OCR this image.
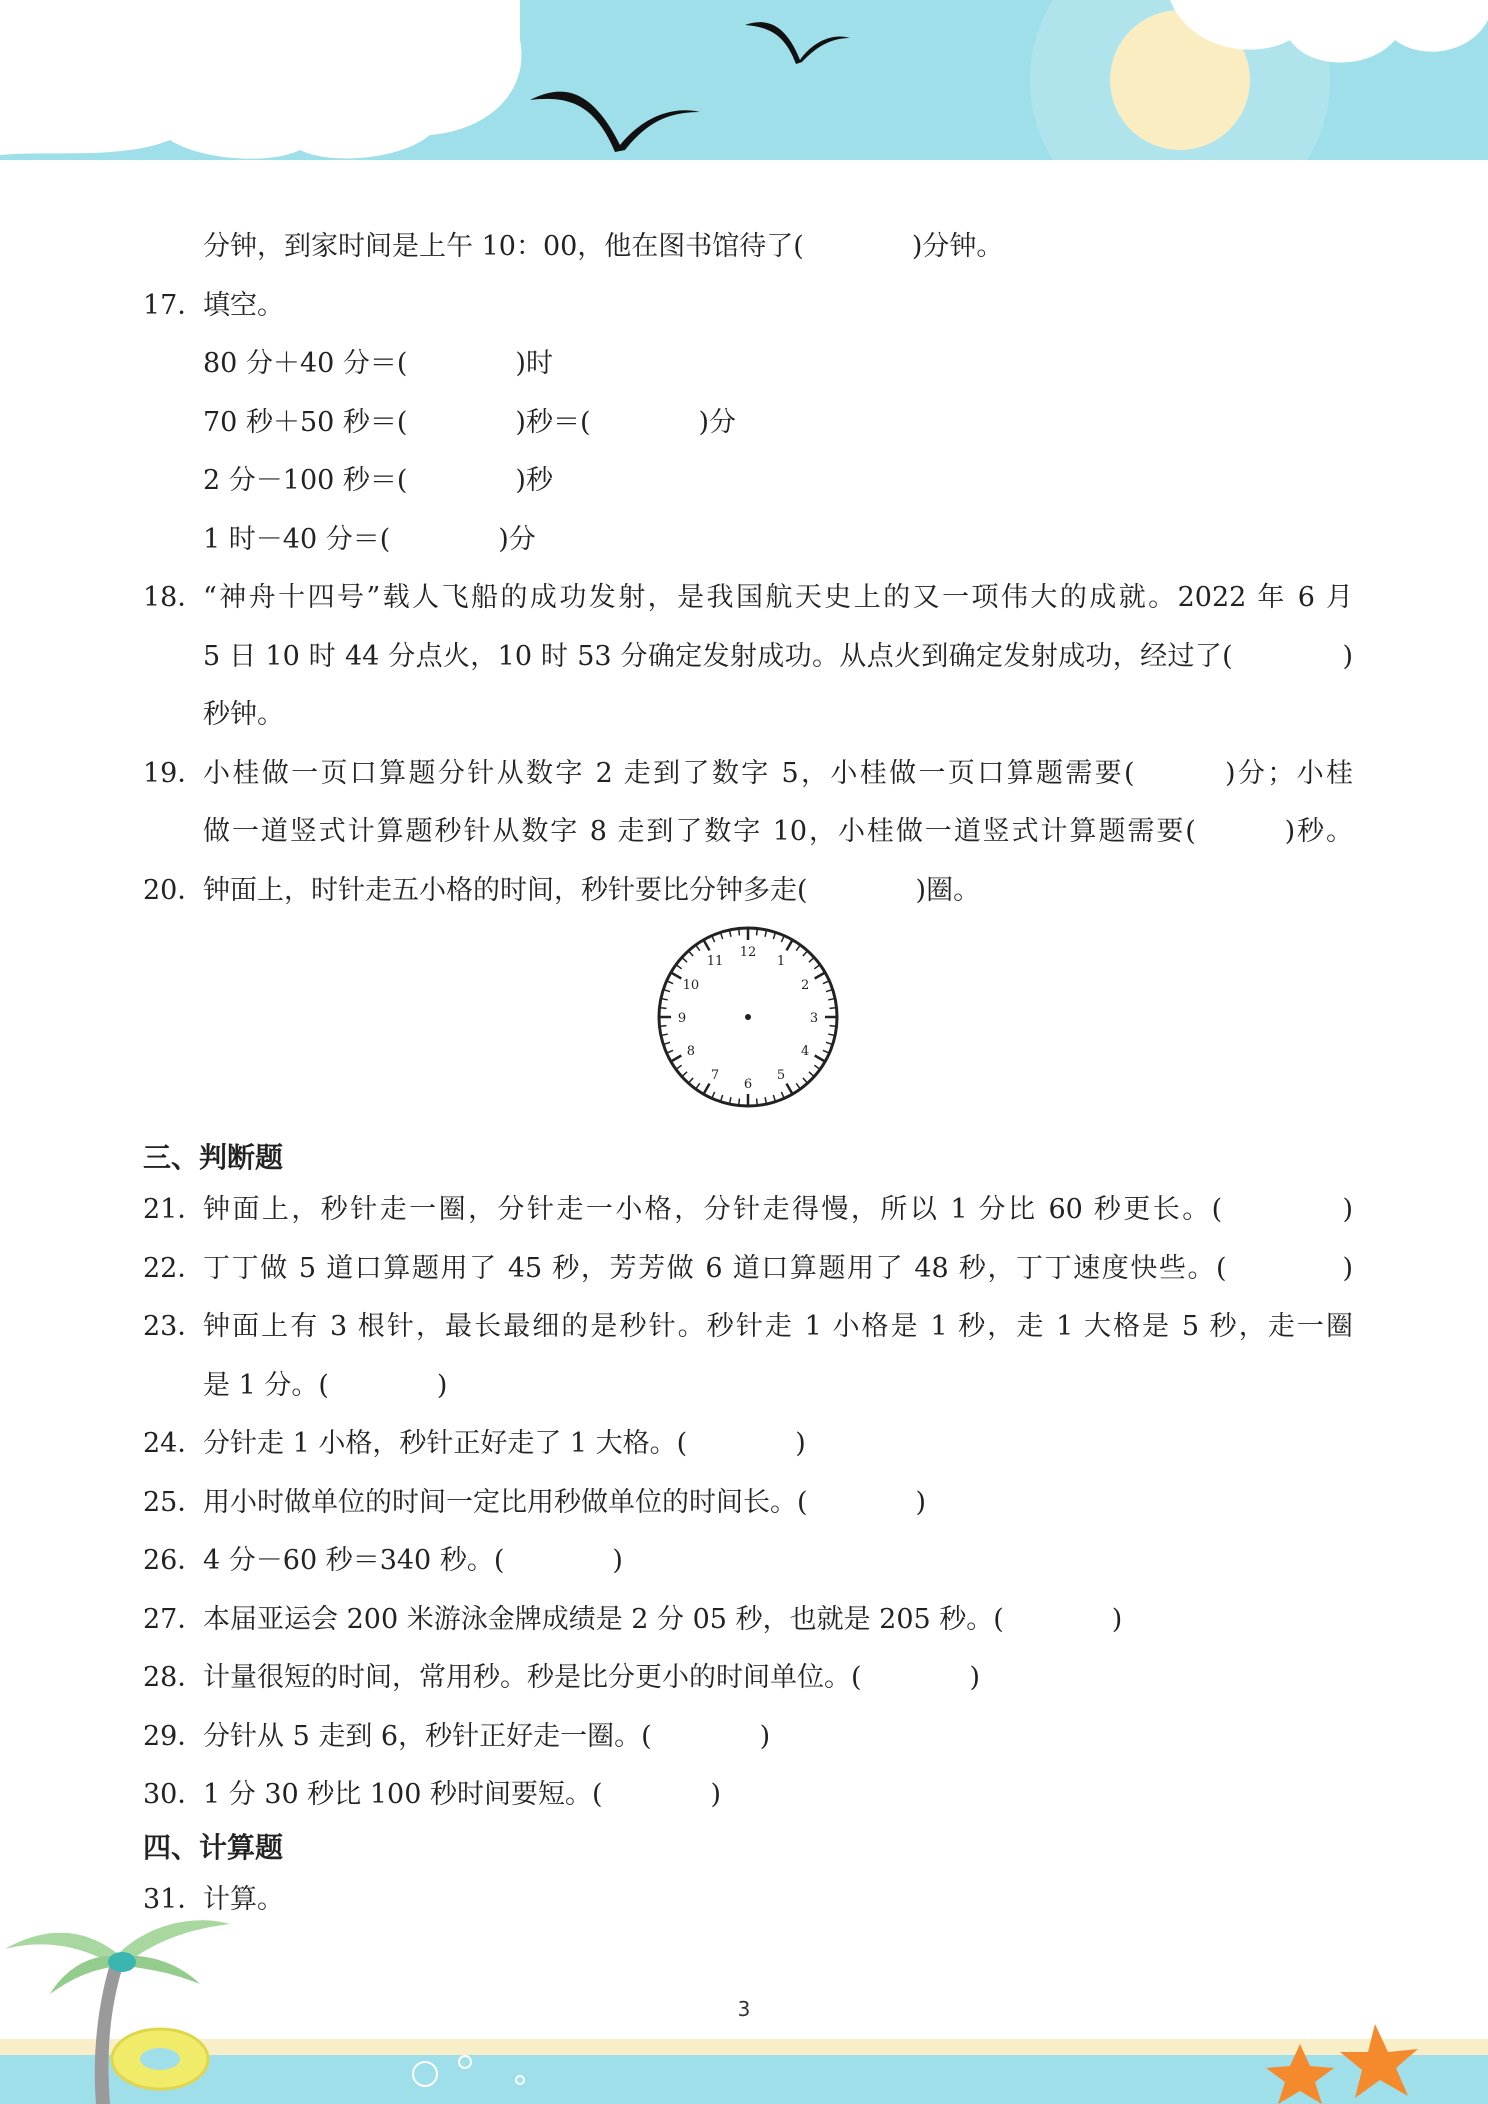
分钟，到家时间是上午 10：00，他在图书馆待了(　　　　)分钟。
17．
填空。
80 分＋40 分＝(　　　　)时
70 秒＋50 秒＝(　　　　)秒＝(　　　　)分
2 分－100 秒＝(　　　　)秒
1 时－40 分＝(　　　　)分
18．
“神舟十四号”载人飞船的成功发射，是我国航天史上的又一项伟大的成就。2022 年 6 月
5 日 10 时 44 分点火，10 时 53 分确定发射成功。从点火到确定发射成功，经过了(　　　　)
秒钟。
19．
小桂做一页口算题分针从数字 2 走到了数字 5，小桂做一页口算题需要(　　　)分；小桂
做一道竖式计算题秒针从数字 8 走到了数字 10，小桂做一道竖式计算题需要(　　　)秒。
20．
钟面上，时针走五小格的时间，秒针要比分钟多走(　　　　)圈。
12
1
2
3
4
5
6
7
8
9
10
11
三、判断题
21．
钟面上，秒针走一圈，分针走一小格，分针走得慢，所以 1 分比 60 秒更长。(　　　　)
22．
丁丁做 5 道口算题用了 45 秒，芳芳做 6 道口算题用了 48 秒，丁丁速度快些。(　　　　)
23．
钟面上有 3 根针，最长最细的是秒针。秒针走 1 小格是 1 秒，走 1 大格是 5 秒，走一圈
是 1 分。(　　　　)
24．
分针走 1 小格，秒针正好走了 1 大格。(　　　　)
25．
用小时做单位的时间一定比用秒做单位的时间长。(　　　　)
26．
4 分－60 秒＝340 秒。(　　　　)
27．
本届亚运会 200 米游泳金牌成绩是 2 分 05 秒，也就是 205 秒。(　　　　)
28．
计量很短的时间，常用秒。秒是比分更小的时间单位。(　　　　)
29．
分针从 5 走到 6，秒针正好走一圈。(　　　　)
30．
1 分 30 秒比 100 秒时间要短。(　　　　)
四、计算题
31．
计算。
3
